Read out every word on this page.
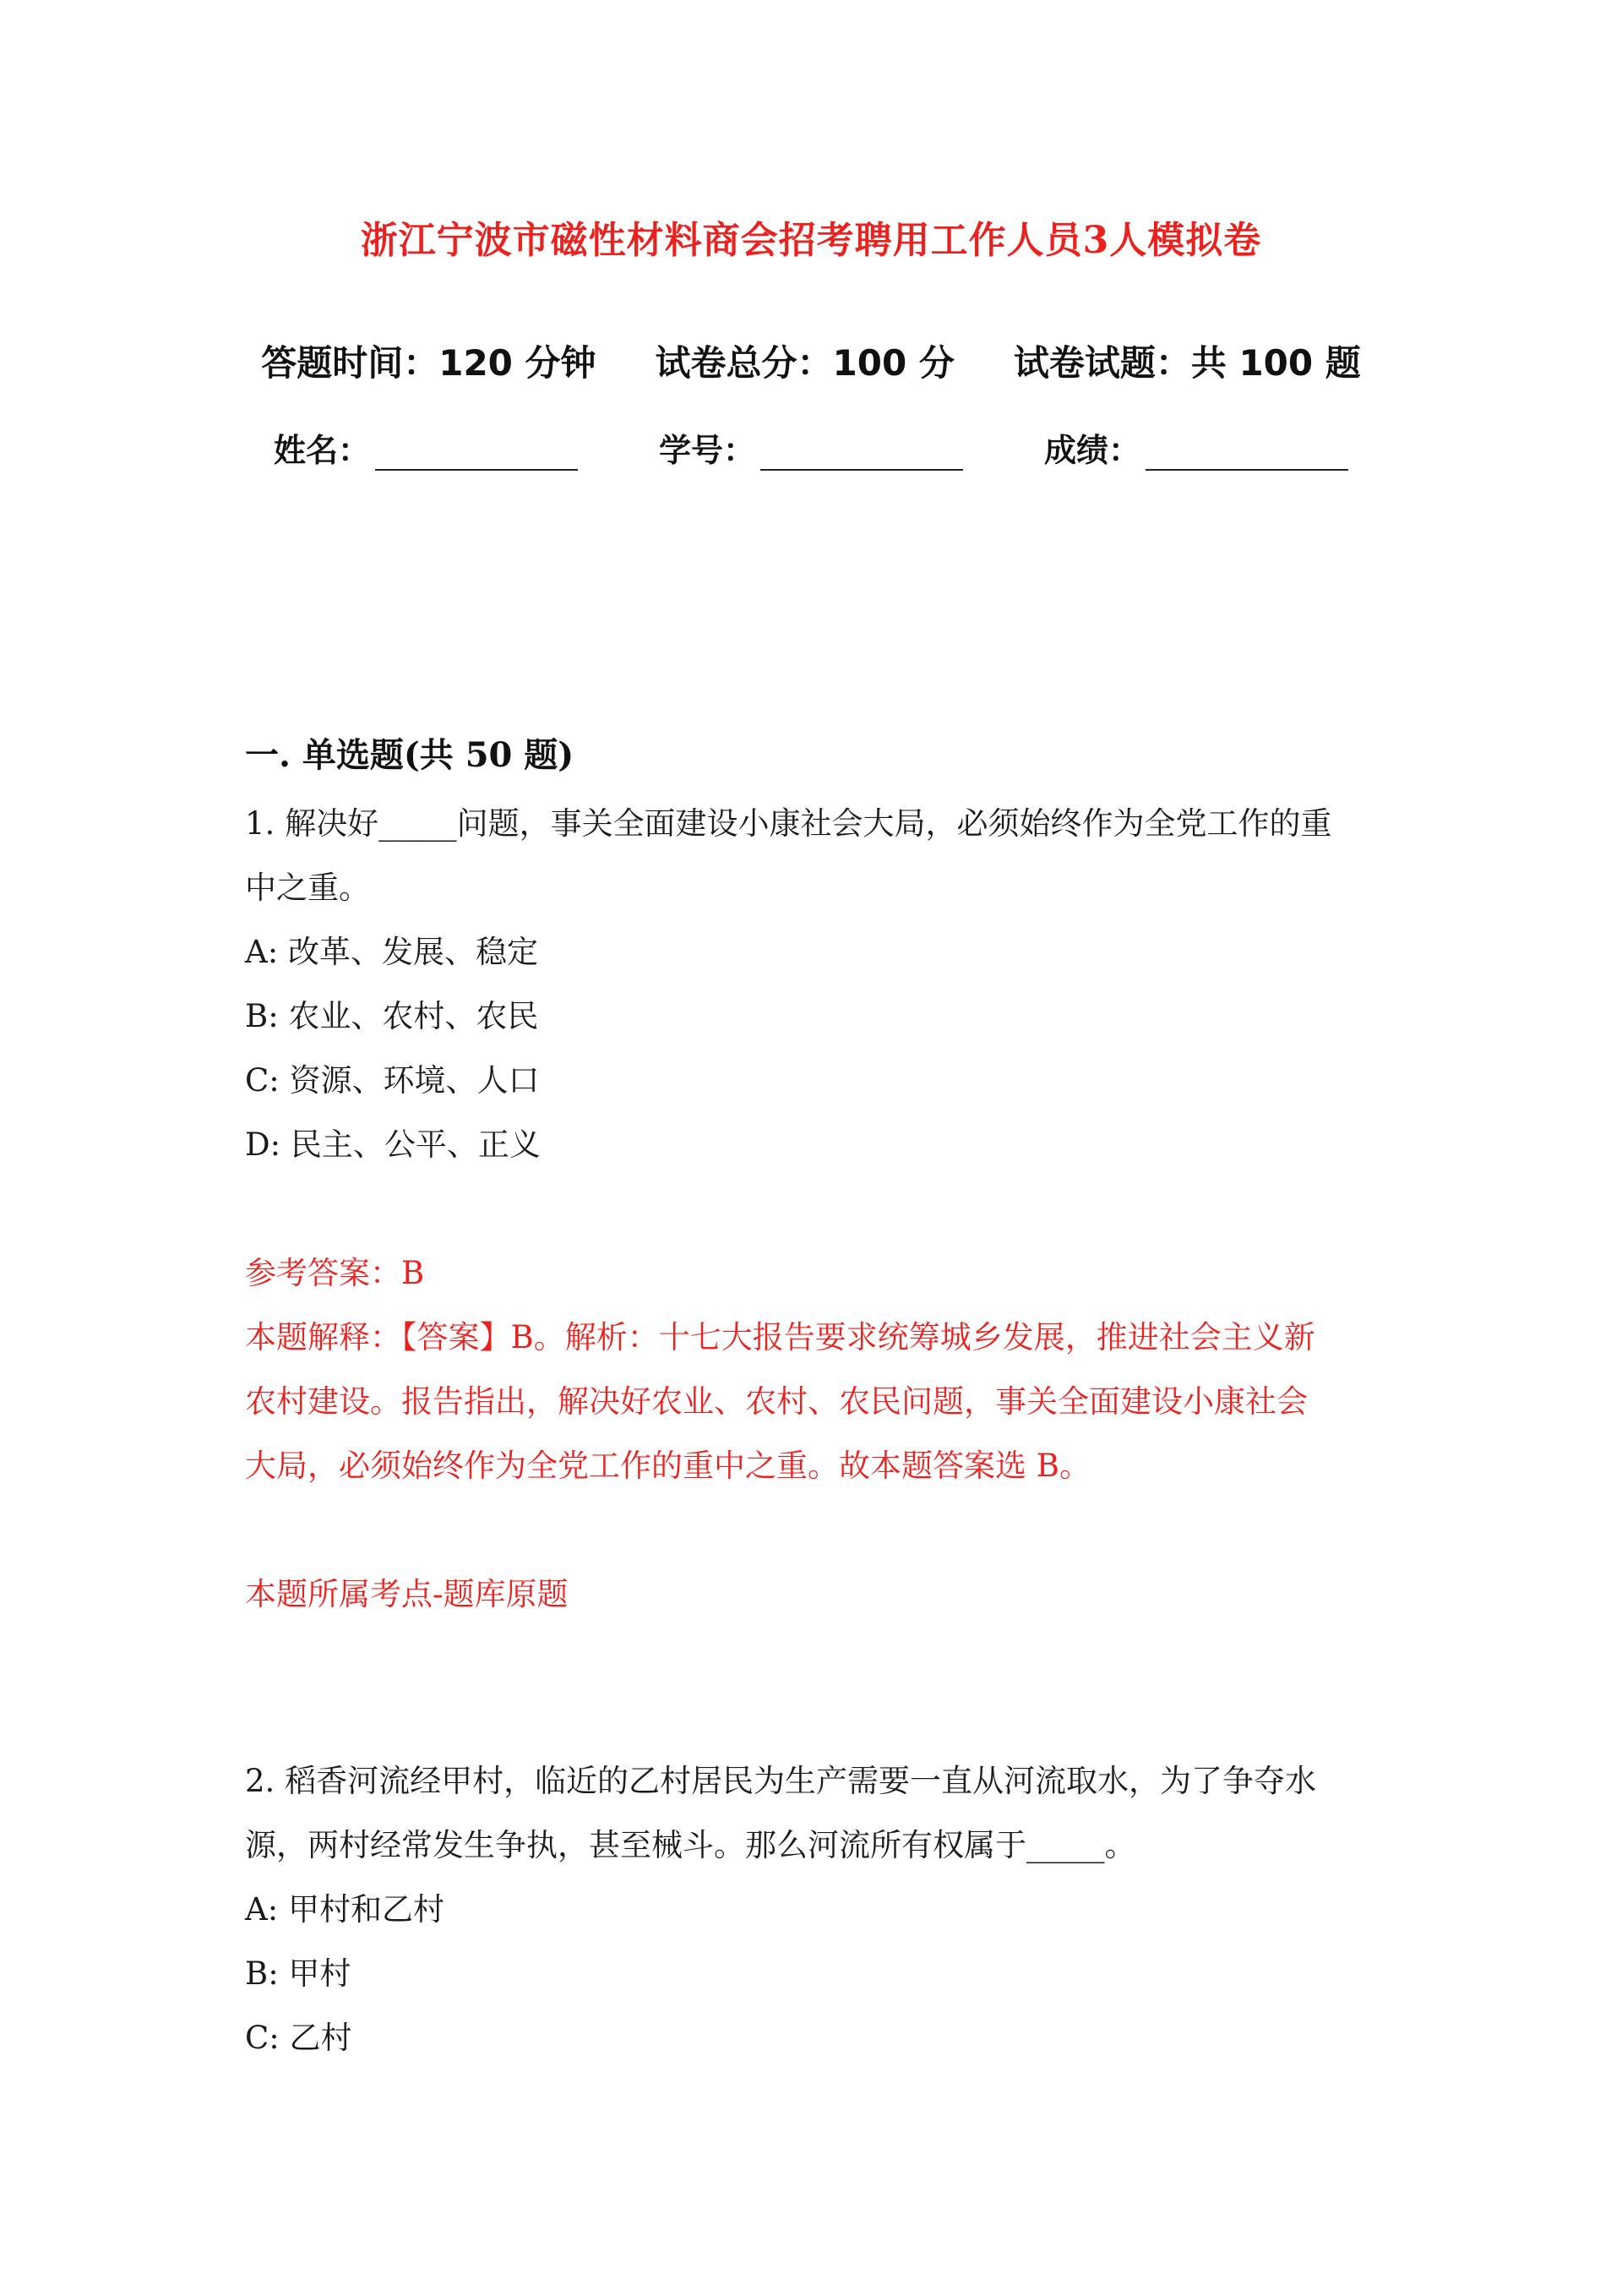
浙江宁波市磁性材料商会招考聘用工作人员3人模拟卷
答题时间：120 分钟 试卷总分：100 分 试卷试题：共 100 题
姓名：	学号：	成绩：
一. 单选题(共 50 题)

1. 解决好_____问题，事关全面建设小康社会大局，必须始终作为全党工作的重

中之重。

A: 改革、发展、稳定

B: 农业、农村、农民

C: 资源、环境、人口

D: 民主、公平、正义

参考答案：B

本题解释：【答案】B。解析：十七大报告要求统筹城乡发展，推进社会主义新

农村建设。报告指出，解决好农业、农村、农民问题，事关全面建设小康社会

大局，必须始终作为全党工作的重中之重。故本题答案选 B。

本题所属考点-题库原题

2. 稻香河流经甲村，临近的乙村居民为生产需要一直从河流取水，为了争夺水

源，两村经常发生争执，甚至械斗。那么河流所有权属于_____。

A: 甲村和乙村

B: 甲村

C: 乙村
